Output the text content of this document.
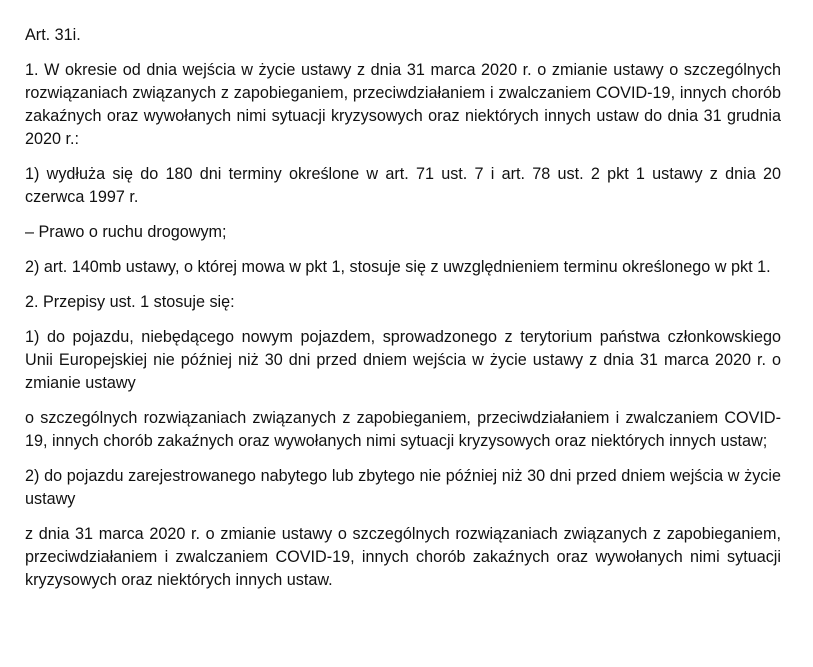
Art. 31i.

1. W okresie od dnia wejścia w życie ustawy z dnia 31 marca 2020 r. o zmianie ustawy o szczególnych rozwiązaniach związanych z zapobieganiem, przeciwdziałaniem i zwalczaniem COVID-19, innych chorób zakaźnych oraz wywołanych nimi sytuacji kryzysowych oraz niektórych innych ustaw do dnia 31 grudnia 2020 r.:

1) wydłuża się do 180 dni terminy określone w art. 71 ust. 7 i art. 78 ust. 2 pkt 1 ustawy z dnia 20 czerwca 1997 r.

– Prawo o ruchu drogowym;

2) art. 140mb ustawy, o której mowa w pkt 1, stosuje się z uwzględnieniem terminu określonego w pkt 1.

2. Przepisy ust. 1 stosuje się:

1) do pojazdu, niebędącego nowym pojazdem, sprowadzonego z terytorium państwa członkowskiego Unii Europejskiej nie później niż 30 dni przed dniem wejścia w życie ustawy z dnia 31 marca 2020 r. o zmianie ustawy

o szczególnych rozwiązaniach związanych z zapobieganiem, przeciwdziałaniem i zwalczaniem COVID-19, innych chorób zakaźnych oraz wywołanych nimi sytuacji kryzysowych oraz niektórych innych ustaw;

2) do pojazdu zarejestrowanego nabytego lub zbytego nie później niż 30 dni przed dniem wejścia w życie ustawy

z dnia 31 marca 2020 r. o zmianie ustawy o szczególnych rozwiązaniach związanych z zapobieganiem, przeciwdziałaniem i zwalczaniem COVID-19, innych chorób zakaźnych oraz wywołanych nimi sytuacji kryzysowych oraz niektórych innych ustaw.
